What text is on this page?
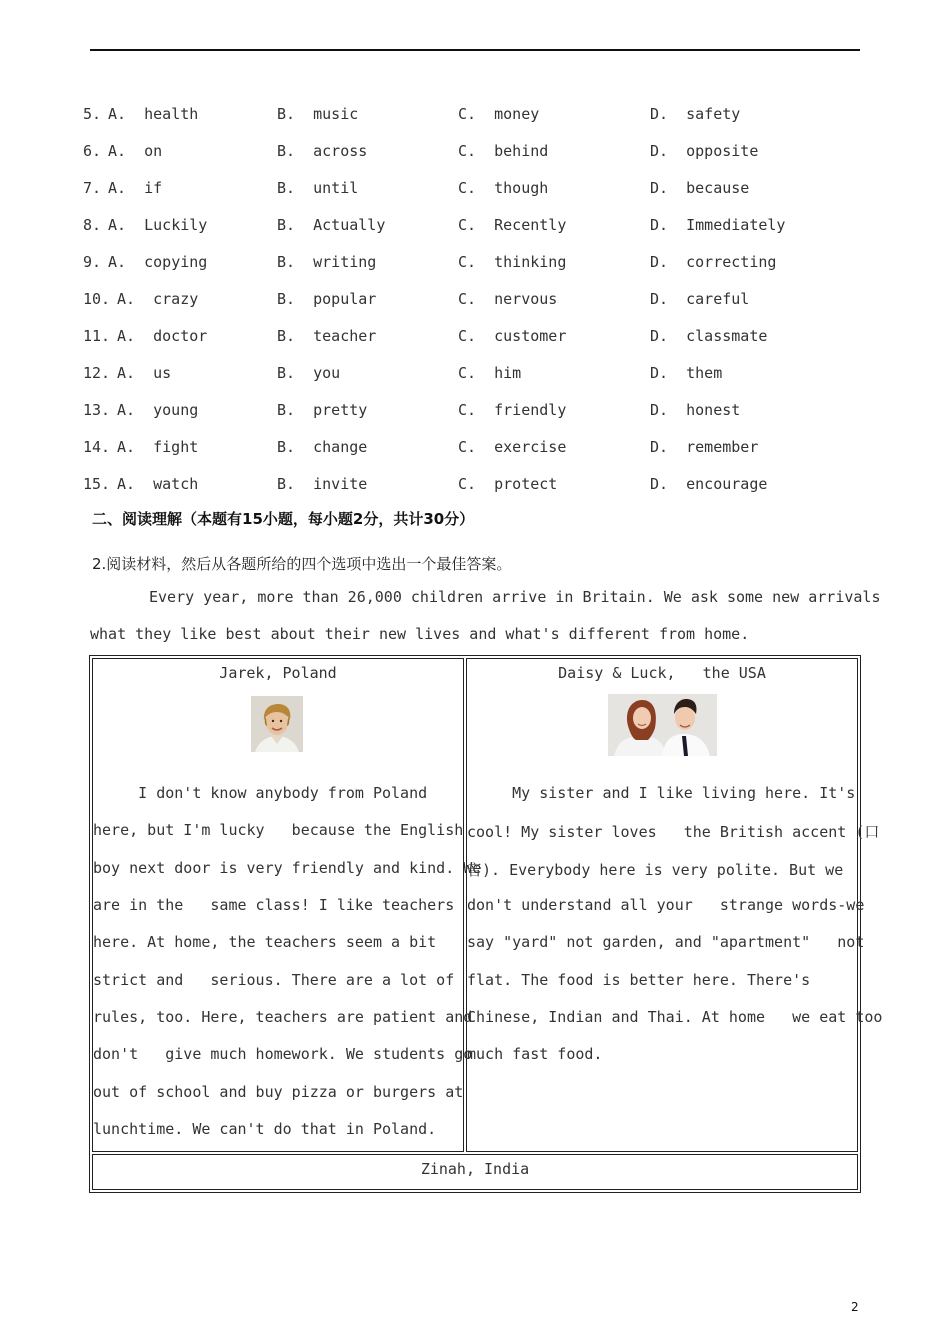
5. A.  health	B.  music	C.  money	D.  safety
6. A.  on	B.  across	C.  behind	D.  opposite
7. A.  if	B.  until	C.  though	D.  because
8. A.  Luckily	B.  Actually	C.  Recently	D.  Immediately
9. A.  copying	B.  writing	C.  thinking	D.  correcting
10. A.  crazy	B.  popular	C.  nervous	D.  careful
11. A.  doctor	B.  teacher	C.  customer	D.  classmate
12. A.  us	B.  you	C.  him	D.  them
13. A.  young	B.  pretty	C.  friendly	D.  honest
14. A.  fight	B.  change	C.  exercise	D.  remember
15. A.  watch	B.  invite	C.  protect	D.  encourage
二、阅读理解（本题有15小题，每小题2分，共计30分）
2.阅读材料，然后从各题所给的四个选项中选出一个最佳答案。
Every year, more than 26,000 children arrive in Britain. We ask some new arrivals
what they like best about their new lives and what's different from home.
Jarek, Poland	Daisy & Luck,   the USA
I don't know anybody from Poland
here, but I'm lucky   because the English
boy next door is very friendly and kind. We
are in the   same class! I like teachers
here. At home, the teachers seem a bit
strict and   serious. There are a lot of
rules, too. Here, teachers are patient and
don't   give much homework. We students go
out of school and buy pizza or burgers at
lunchtime. We can't do that in Poland.
My sister and I like living here. It's
cool! My sister loves   the British accent (口
音). Everybody here is very polite. But we
don't understand all your   strange words-we
say "yard" not garden, and "apartment"   not
flat. The food is better here. There's
Chinese, Indian and Thai. At home   we eat too
much fast food.
Zinah, India
2
